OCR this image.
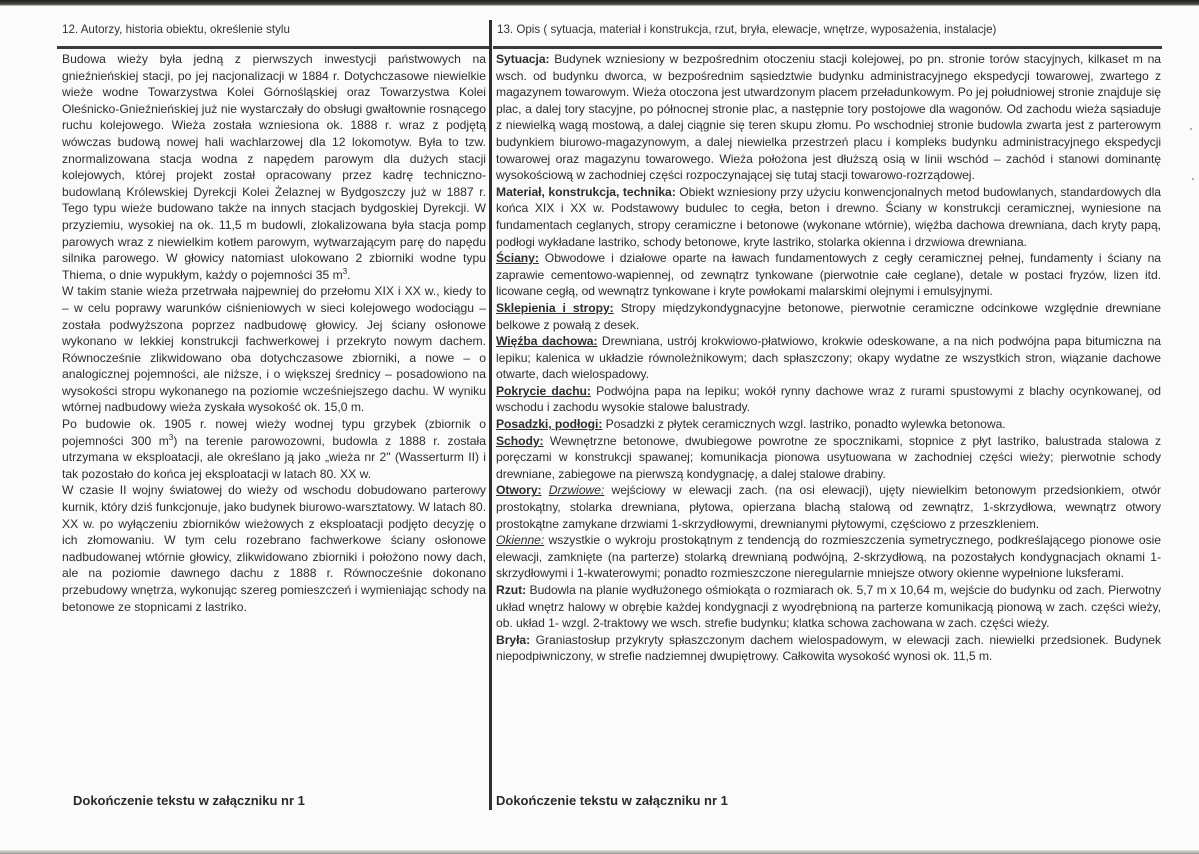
12. Autorzy, historia obiektu, określenie stylu	13. Opis ( sytuacja, materiał i konstrukcja, rzut, bryła, elewacje, wnętrze, wyposażenia, instalacje)

Budowa wieży była jedną z pierwszych inwestycji państwowych na gnieźnieńskiej stacji, po jej nacjonalizacji w 1884 r. Dotychczasowe niewielkie wieże wodne Towarzystwa Kolei Górnośląskiej oraz Towarzystwa Kolei Oleśnicko-Gnieźnieńskiej już nie wystarczały do obsługi gwałtownie rosnącego ruchu kolejowego. Wieża została wzniesiona ok. 1888 r. wraz z podjętą wówczas budową nowej hali wachlarzowej dla 12 lokomotyw. Była to tzw. znormalizowana stacja wodna z napędem parowym dla dużych stacji kolejowych, której projekt został opracowany przez kadrę techniczno-budowlaną Królewskiej Dyrekcji Kolei Żelaznej w Bydgoszczy już w 1887 r. Tego typu wieże budowano także na innych stacjach bydgoskiej Dyrekcji. W przyziemiu, wysokiej na ok. 11,5 m budowli, zlokalizowana była stacja pomp parowych wraz z niewielkim kotłem parowym, wytwarzającym parę do napędu silnika parowego. W głowicy natomiast ulokowano 2 zbiorniki wodne typu Thiema, o dnie wypukłym, każdy o pojemności 35 $m^3$.

W takim stanie wieża przetrwała najpewniej do przełomu XIX i XX w., kiedy to – w celu poprawy warunków ciśnieniowych w sieci kolejowego wodociągu – została podwyższona poprzez nadbudowę głowicy. Jej ściany osłonowe wykonano w lekkiej konstrukcji fachwerkowej i przekryto nowym dachem. Równocześnie zlikwidowano oba dotychczasowe zbiorniki, a nowe – o analogicznej pojemności, ale niższe, i o większej średnicy – posadowiono na wysokości stropu wykonanego na poziomie wcześniejszego dachu. W wyniku wtórnej nadbudowy wieża zyskała wysokość ok. 15,0 m.

Po budowie ok. 1905 r. nowej wieży wodnej typu grzybek (zbiornik o pojemności 300 $m^3$) na terenie parowozowni, budowla z 1888 r. została utrzymana w eksploatacji, ale określano ją jako „wieża nr 2" (Wasserturm II) i tak pozostało do końca jej eksploatacji w latach 80. XX w.

W czasie II wojny światowej do wieży od wschodu dobudowano parterowy kurnik, który dziś funkcjonuje, jako budynek biurowo-warsztatowy. W latach 80. XX w. po wyłączeniu zbiorników wieżowych z eksploatacji podjęto decyzję o ich złomowaniu. W tym celu rozebrano fachwerkowe ściany osłonowe nadbudowanej wtórnie głowicy, zlikwidowano zbiorniki i położono nowy dach, ale na poziomie dawnego dachu z 1888 r. Równocześnie dokonano przebudowy wnętrza, wykonując szereg pomieszczeń i wymieniając schody na betonowe ze stopnicami z lastriko.

Sytuacja: Budynek wzniesiony w bezpośrednim otoczeniu stacji kolejowej, po pn. stronie torów stacyjnych, kilkaset m na wsch. od budynku dworca, w bezpośrednim sąsiedztwie budynku administracyjnego ekspedycji towarowej, zwartego z magazynem towarowym. Wieża otoczona jest utwardzonym placem przeładunkowym. Po jej południowej stronie znajduje się plac, a dalej tory stacyjne, po północnej stronie plac, a następnie tory postojowe dla wagonów. Od zachodu wieża sąsiaduje z niewielką wagą mostową, a dalej ciągnie się teren skupu złomu. Po wschodniej stronie budowla zwarta jest z parterowym budynkiem biurowo-magazynowym, a dalej niewielka przestrzeń placu i kompleks budynku administracyjnego ekspedycji towarowej oraz magazynu towarowego. Wieża położona jest dłuższą osią w linii wschód – zachód i stanowi dominantę wysokościową w zachodniej części rozpoczynającej się tutaj stacji towarowo-rozrządowej.

Materiał, konstrukcja, technika: Obiekt wzniesiony przy użyciu konwencjonalnych metod budowlanych, standardowych dla końca XIX i XX w. Podstawowy budulec to cegła, beton i drewno. Ściany w konstrukcji ceramicznej, wyniesione na fundamentach ceglanych, stropy ceramiczne i betonowe (wykonane wtórnie), więźba dachowa drewniana, dach kryty papą, podłogi wykładane lastriko, schody betonowe, kryte lastriko, stolarka okienna i drzwiowa drewniana.

Ściany: Obwodowe i działowe oparte na ławach fundamentowych z cegły ceramicznej pełnej, fundamenty i ściany na zaprawie cementowo-wapiennej, od zewnątrz tynkowane (pierwotnie całe ceglane), detale w postaci fryzów, lizen itd. licowane cegłą, od wewnątrz tynkowane i kryte powłokami malarskimi olejnymi i emulsyjnymi.

Sklepienia i stropy: Stropy międzykondygnacyjne betonowe, pierwotnie ceramiczne odcinkowe względnie drewniane belkowe z powałą z desek.

Więźba dachowa: Drewniana, ustrój krokwiowo-płatwiowo, krokwie odeskowane, a na nich podwójna papa bitumiczna na lepiku; kalenica w układzie równoleżnikowym; dach spłaszczony; okapy wydatne ze wszystkich stron, wiązanie dachowe otwarte, dach wielospadowy.

Pokrycie dachu: Podwójna papa na lepiku; wokół rynny dachowe wraz z rurami spustowymi z blachy ocynkowanej, od wschodu i zachodu wysokie stalowe balustrady.

Posadzki, podłogi: Posadzki z płytek ceramicznych wzgl. lastriko, ponadto wylewka betonowa.

Schody: Wewnętrzne betonowe, dwubiegowe powrotne ze spocznikami, stopnice z płyt lastriko, balustrada stalowa z poręczami w konstrukcji spawanej; komunikacja pionowa usytuowana w zachodniej części wieży; pierwotnie schody drewniane, zabiegowe na pierwszą kondygnację, a dalej stalowe drabiny.

Otwory: Drzwiowe: wejściowy w elewacji zach. (na osi elewacji), ujęty niewielkim betonowym przedsionkiem, otwór prostokątny, stolarka drewniana, płytowa, opierzana blachą stalową od zewnątrz, 1-skrzydłowa, wewnątrz otwory prostokątne zamykane drzwiami 1-skrzydłowymi, drewnianymi płytowymi, częściowo z przeszkleniem.

Okienne: wszystkie o wykroju prostokątnym z tendencją do rozmieszczenia symetrycznego, podkreślającego pionowe osie elewacji, zamknięte (na parterze) stolarką drewnianą podwójną, 2-skrzydłową, na pozostałych kondygnacjach oknami 1-skrzydłowymi i 1-kwaterowymi; ponadto rozmieszczone nieregularnie mniejsze otwory okienne wypełnione luksferami.

Rzut: Budowla na planie wydłużonego ośmiokąta o rozmiarach ok. 5,7 m x 10,64 m, wejście do budynku od zach. Pierwotny układ wnętrz halowy w obrębie każdej kondygnacji z wyodrębnioną na parterze komunikacją pionową w zach. części wieży, ob. układ 1- wzgl. 2-traktowy we wsch. strefie budynku; klatka schowa zachowana w zach. części wieży.

Bryła: Graniastosłup przykryty spłaszczonym dachem wielospadowym, w elewacji zach. niewielki przedsionek. Budynek niepodpiwniczony, w strefie nadziemnej dwupiętrowy. Całkowita wysokość wynosi ok. 11,5 m.

Dokończenie tekstu w załączniku nr 1	Dokończenie tekstu w załączniku nr 1
